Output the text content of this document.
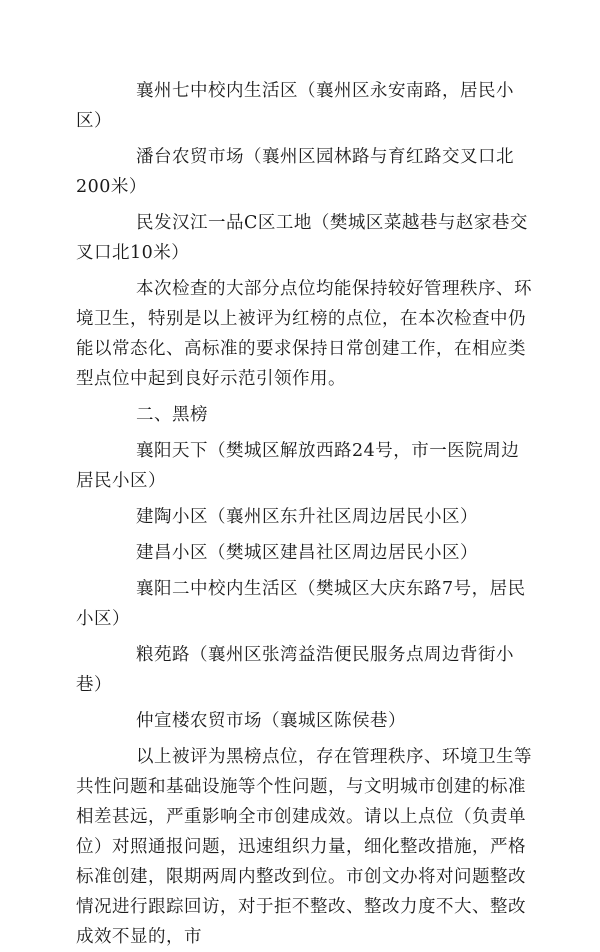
襄州七中校内生活区（襄州区永安南路，居民小区）

潘台农贸市场（襄州区园林路与育红路交叉口北200米）

民发汉江一品C区工地（樊城区菜越巷与赵家巷交叉口北10米）

本次检查的大部分点位均能保持较好管理秩序、环境卫生，特别是以上被评为红榜的点位，在本次检查中仍能以常态化、高标准的要求保持日常创建工作，在相应类型点位中起到良好示范引领作用。

二、黑榜

襄阳天下（樊城区解放西路24号，市一医院周边居民小区）

建陶小区（襄州区东升社区周边居民小区）

建昌小区（樊城区建昌社区周边居民小区）

襄阳二中校内生活区（樊城区大庆东路7号，居民小区）

粮苑路（襄州区张湾益浩便民服务点周边背街小巷）

仲宣楼农贸市场（襄城区陈侯巷）

以上被评为黑榜点位，存在管理秩序、环境卫生等共性问题和基础设施等个性问题，与文明城市创建的标准相差甚远，严重影响全市创建成效。请以上点位（负责单位）对照通报问题，迅速组织力量，细化整改措施，严格标准创建，限期两周内整改到位。市创文办将对问题整改情况进行跟踪回访，对于拒不整改、整改力度不大、整改成效不显的，市
